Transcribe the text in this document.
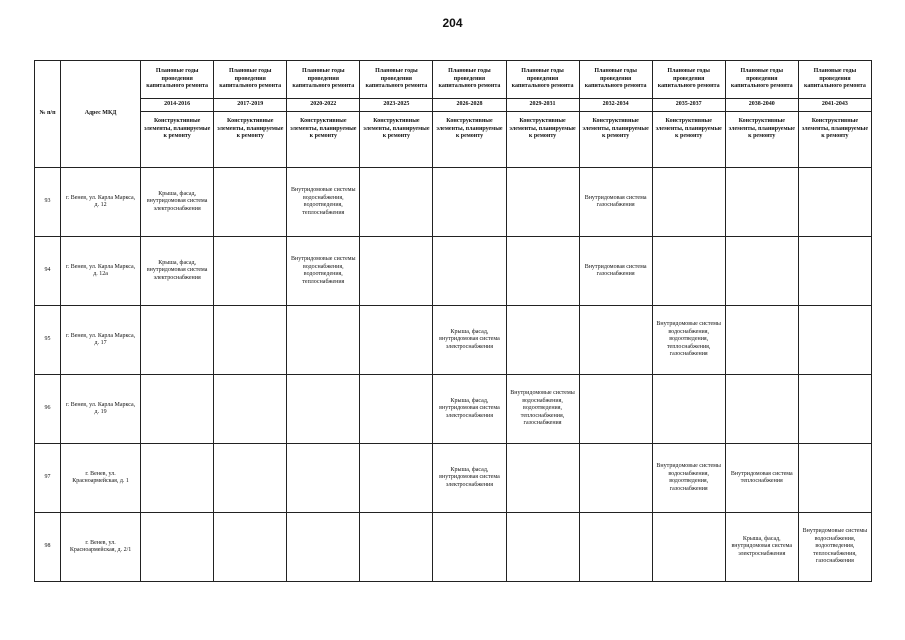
204
№ п/п	Адрес МКД	Плановые годы проведения капитального ремонта	Плановые годы проведения капитального ремонта	Плановые годы проведения капитального ремонта	Плановые годы проведения капитального ремонта	Плановые годы проведения капитального ремонта	Плановые годы проведения капитального ремонта	Плановые годы проведения капитального ремонта	Плановые годы проведения капитального ремонта	Плановые годы проведения капитального ремонта	Плановые годы проведения капитального ремонта
		2014-2016	2017-2019	2020-2022	2023-2025	2026-2028	2029-2031	2032-2034	2035-2037	2038-2040	2041-2043
		Конструктивные элементы, планируемые к ремонту	Конструктивные элементы, планируемые к ремонту	Конструктивные элементы, планируемые к ремонту	Конструктивные элементы, планируемые к ремонту	Конструктивные элементы, планируемые к ремонту	Конструктивные элементы, планируемые к ремонту	Конструктивные элементы, планируемые к ремонту	Конструктивные элементы, планируемые к ремонту	Конструктивные элементы, планируемые к ремонту	Конструктивные элементы, планируемые к ремонту
93	г. Венев, ул. Карла Маркса, д. 12	Крыша, фасад, внутридомовая система электроснабжения		Внутридомовые системы водоснабжения, водоотведения, теплоснабжения				Внутридомовая система газоснабжения			
94	г. Венев, ул. Карла Маркса, д. 12а	Крыша, фасад, внутридомовая система электроснабжения		Внутридомовые системы водоснабжения, водоотведения, теплоснабжения				Внутридомовая система газоснабжения			
95	г. Венев, ул. Карла Маркса, д. 17					Крыша, фасад, внутридомовая система электроснабжения			Внутридомовые системы водоснабжения, водоотведения, теплоснабжения, газоснабжения		
96	г. Венев, ул. Карла Маркса, д. 19					Крыша, фасад, внутридомовая система электроснабжения	Внутридомовые системы водоснабжения, водоотведения, теплоснабжения, газоснабжения				
97	г. Венев, ул. Красноармейская, д. 1					Крыша, фасад, внутридомовая система электроснабжения			Внутридомовые системы водоснабжения, водоотведения, газоснабжения	Внутридомовая система теплоснабжения	
98	г. Венев, ул. Красноармейская, д. 2/1									Крыша, фасад, внутридомовая система электроснабжения	Внутридомовые системы водоснабжения, водоотведения, теплоснабжения, газоснабжения
